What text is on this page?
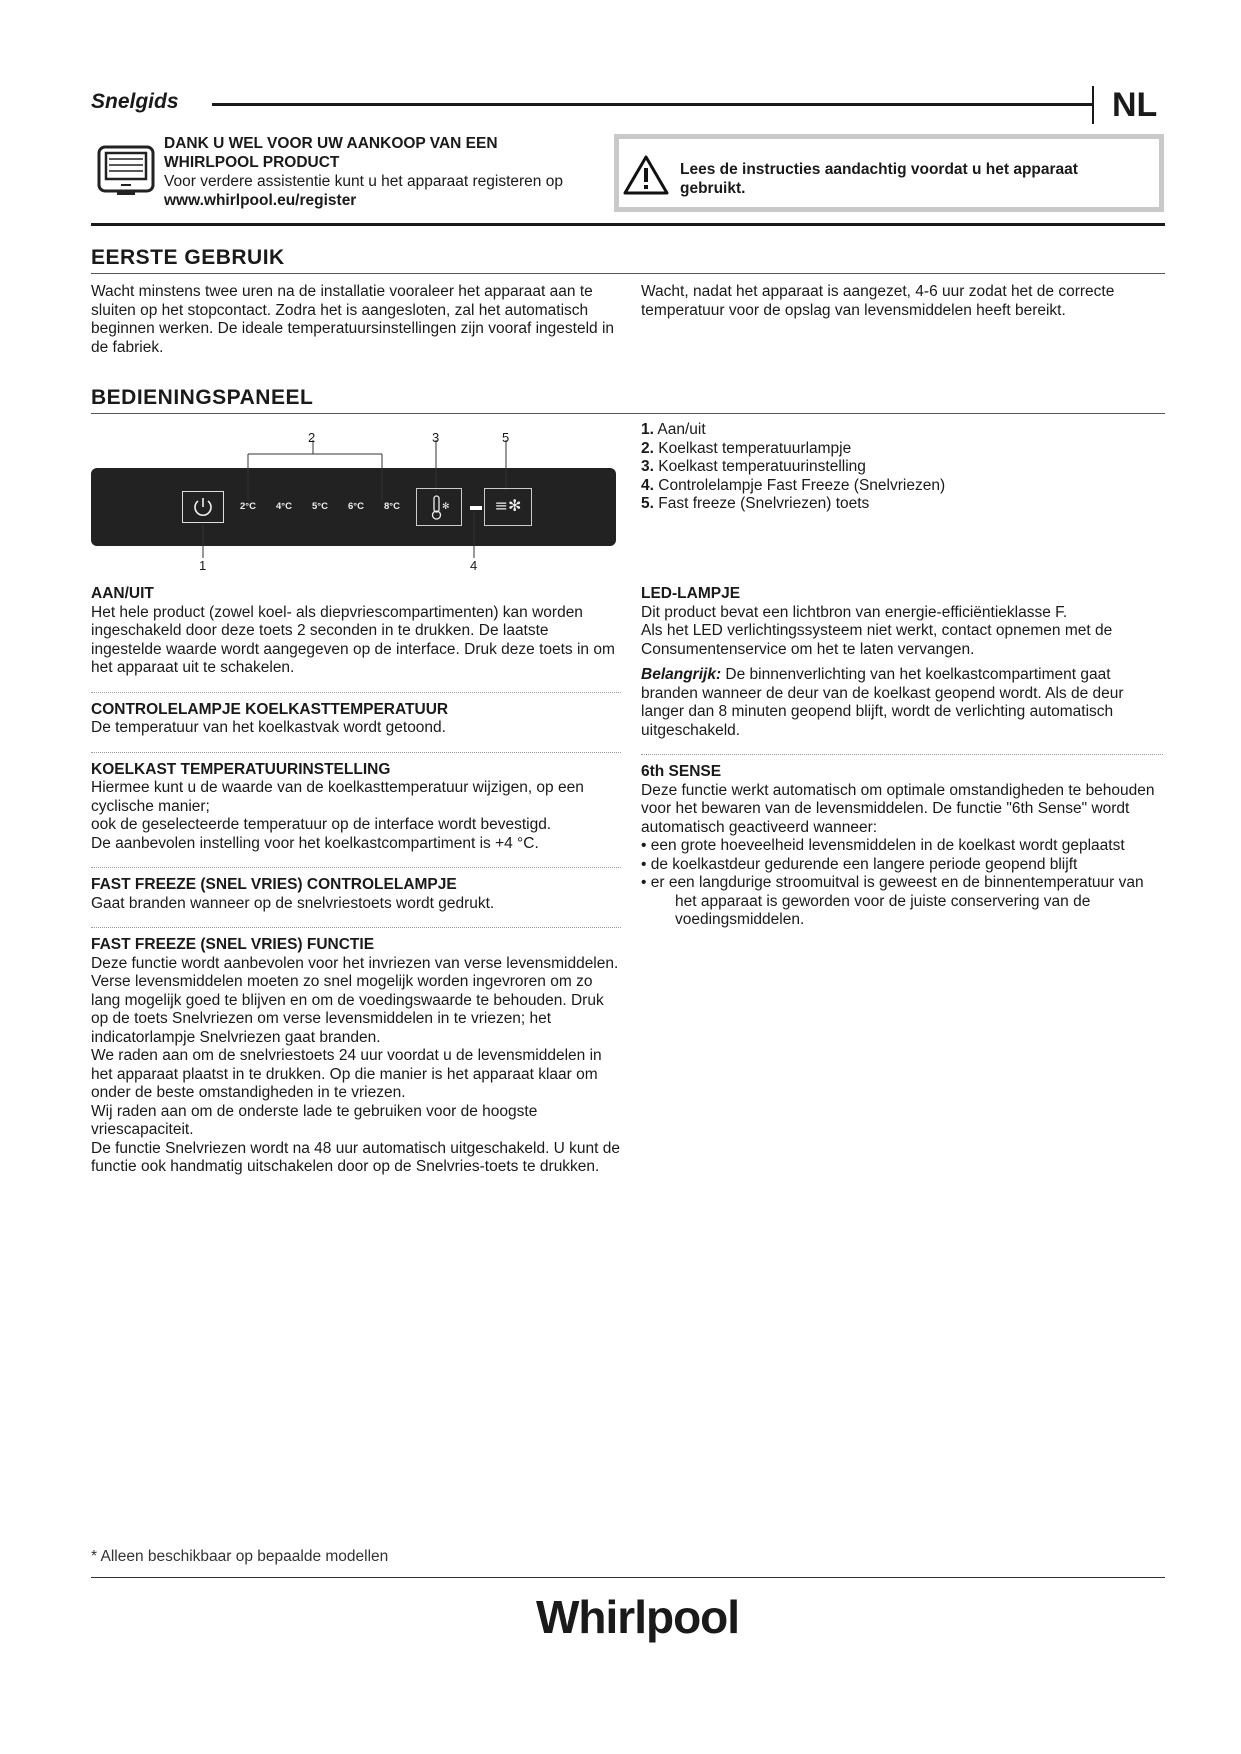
Snelgids	NL
DANK U WEL VOOR UW AANKOOP VAN EEN WHIRLPOOL PRODUCT
Voor verdere assistentie kunt u het apparaat registeren op www.whirlpool.eu/register
Lees de instructies aandachtig voordat u het apparaat gebruikt.
EERSTE GEBRUIK
Wacht minstens twee uren na de installatie vooraleer het apparaat aan te sluiten op het stopcontact. Zodra het is aangesloten, zal het automatisch beginnen werken. De ideale temperatuursinstellingen zijn vooraf ingesteld in de fabriek.
Wacht, nadat het apparaat is aangezet, 4-6 uur zodat het de correcte temperatuur voor de opslag van levensmiddelen heeft bereikt.
BEDIENINGSPANEEL
2	3	5
1	4
2°C 4°C 5°C 6°C 8°C	✻	≡✻
1. Aan/uit
2. Koelkast temperatuurlampje
3. Koelkast temperatuurinstelling
4. Controlelampje Fast Freeze (Snelvriezen)
5. Fast freeze (Snelvriezen) toets
AAN/UIT
Het hele product (zowel koel- als diepvriescompartimenten) kan worden ingeschakeld door deze toets 2 seconden in te drukken. De laatste ingestelde waarde wordt aangegeven op de interface. Druk deze toets in om het apparaat uit te schakelen.
CONTROLELAMPJE KOELKASTTEMPERATUUR
De temperatuur van het koelkastvak wordt getoond.
KOELKAST TEMPERATUURINSTELLING
Hiermee kunt u de waarde van de koelkasttemperatuur wijzigen, op een cyclische manier;
ook de geselecteerde temperatuur op de interface wordt bevestigd.
De aanbevolen instelling voor het koelkastcompartiment is +4 °C.
FAST FREEZE (SNEL VRIES) CONTROLELAMPJE
Gaat branden wanneer op de snelvriestoets wordt gedrukt.
FAST FREEZE (SNEL VRIES) FUNCTIE
Deze functie wordt aanbevolen voor het invriezen van verse levensmiddelen. Verse levensmiddelen moeten zo snel mogelijk worden ingevroren om zo lang mogelijk goed te blijven en om de voedingswaarde te behouden. Druk op de toets Snelvriezen om verse levensmiddelen in te vriezen; het indicatorlampje Snelvriezen gaat branden.
We raden aan om de snelvriestoets 24 uur voordat u de levensmiddelen in het apparaat plaatst in te drukken. Op die manier is het apparaat klaar om onder de beste omstandigheden in te vriezen.
Wij raden aan om de onderste lade te gebruiken voor de hoogste vriescapaciteit.
De functie Snelvriezen wordt na 48 uur automatisch uitgeschakeld. U kunt de functie ook handmatig uitschakelen door op de Snelvries-toets te drukken.
LED-LAMPJE
Dit product bevat een lichtbron van energie-efficiëntieklasse F.
Als het LED verlichtingssysteem niet werkt, contact opnemen met de Consumentenservice om het te laten vervangen.
Belangrijk: De binnenverlichting van het koelkastcompartiment gaat branden wanneer de deur van de koelkast geopend wordt. Als de deur langer dan 8 minuten geopend blijft, wordt de verlichting automatisch uitgeschakeld.
6th SENSE
Deze functie werkt automatisch om optimale omstandigheden te behouden voor het bewaren van de levensmiddelen. De functie "6th Sense" wordt automatisch geactiveerd wanneer:
• een grote hoeveelheid levensmiddelen in de koelkast wordt geplaatst
• de koelkastdeur gedurende een langere periode geopend blijft
• er een langdurige stroomuitval is geweest en de binnentemperatuur van het apparaat is geworden voor de juiste conservering van de voedingsmiddelen.
* Alleen beschikbaar op bepaalde modellen
Whirlpool
